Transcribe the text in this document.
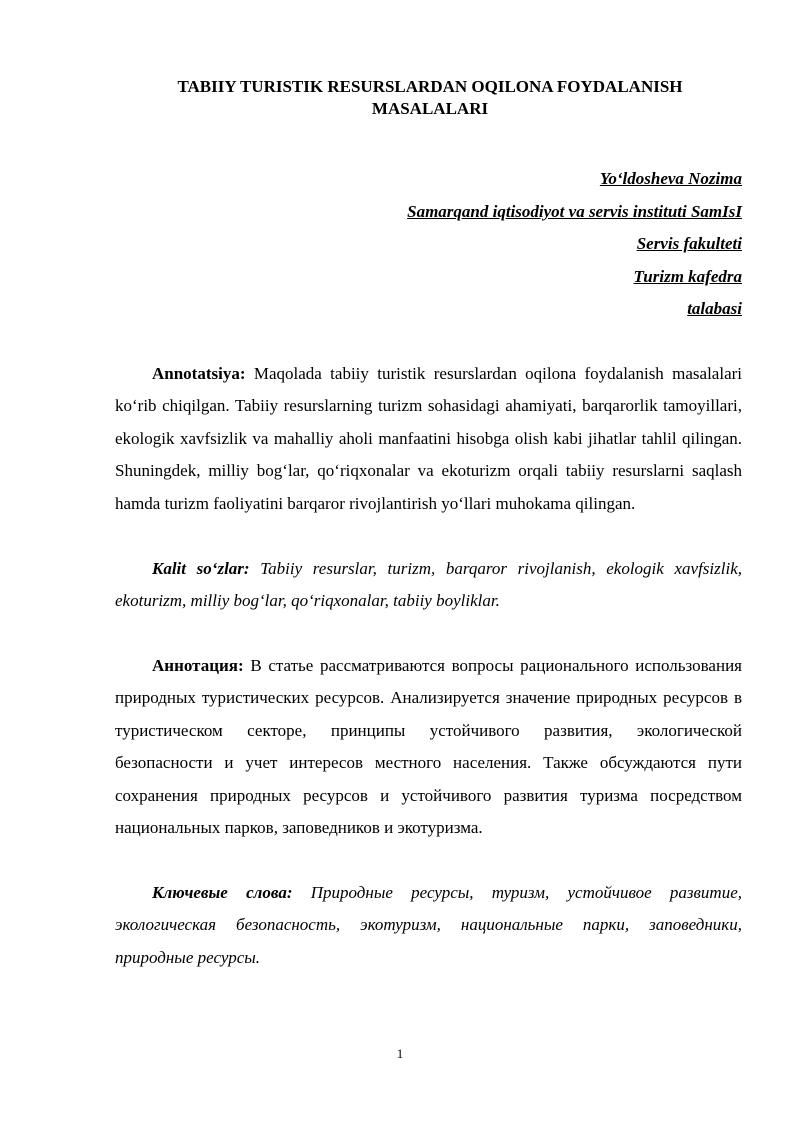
TABIIY TURISTIK RESURSLARDAN OQILONA FOYDALANISH
MASALALARI
Yo‘ldosheva Nozima
Samarqand iqtisodiyot va servis instituti SamIsI
Servis fakulteti
Turizm kafedra
talabasi

Annotatsiya: Maqolada tabiiy turistik resurslardan oqilona foydalanish masalalari ko‘rib chiqilgan. Tabiiy resurslarning turizm sohasidagi ahamiyati, barqarorlik tamoyillari, ekologik xavfsizlik va mahalliy aholi manfaatini hisobga olish kabi jihatlar tahlil qilingan. Shuningdek, milliy bog‘lar, qo‘riqxonalar va ekoturizm orqali tabiiy resurslarni saqlash hamda turizm faoliyatini barqaror rivojlantirish yo‘llari muhokama qilingan.

Kalit so‘zlar: Tabiiy resurslar, turizm, barqaror rivojlanish, ekologik xavfsizlik, ekoturizm, milliy bog‘lar, qo‘riqxonalar, tabiiy boyliklar.

Аннотация: В статье рассматриваются вопросы рационального использования природных туристических ресурсов. Анализируется значение природных ресурсов в туристическом секторе, принципы устойчивого развития, экологической безопасности и учет интересов местного населения. Также обсуждаются пути сохранения природных ресурсов и устойчивого развития туризма посредством национальных парков, заповедников и экотуризма.

Ключевые слова: Природные ресурсы, туризм, устойчивое развитие, экологическая безопасность, экотуризм, национальные парки, заповедники, природные ресурсы.

1
